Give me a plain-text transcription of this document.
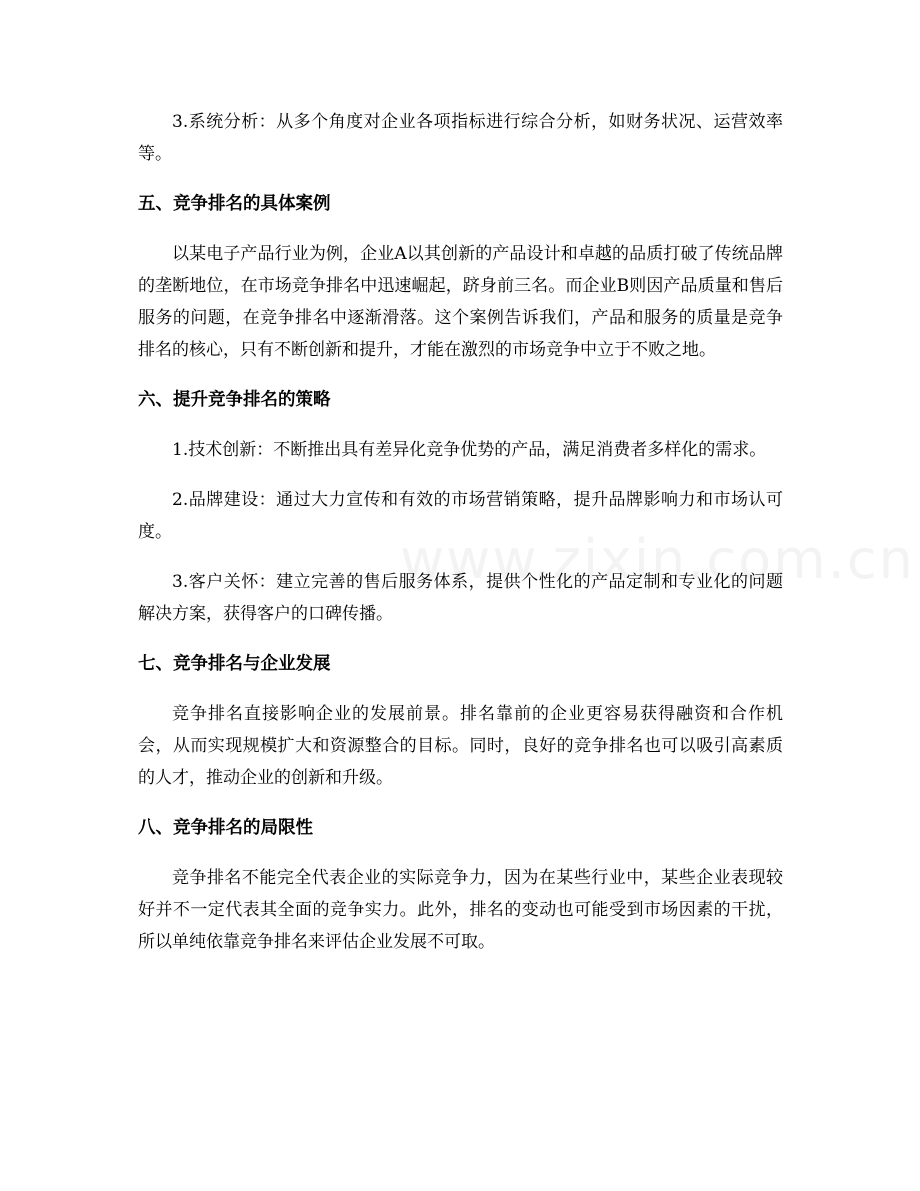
3.系统分析：从多个角度对企业各项指标进行综合分析，如财务状况、运营效率等。

五、竞争排名的具体案例

以某电子产品行业为例，企业A以其创新的产品设计和卓越的品质打破了传统品牌的垄断地位，在市场竞争排名中迅速崛起，跻身前三名。而企业B则因产品质量和售后服务的问题，在竞争排名中逐渐滑落。这个案例告诉我们，产品和服务的质量是竞争排名的核心，只有不断创新和提升，才能在激烈的市场竞争中立于不败之地。

六、提升竞争排名的策略

1.技术创新：不断推出具有差异化竞争优势的产品，满足消费者多样化的需求。

2.品牌建设：通过大力宣传和有效的市场营销策略，提升品牌影响力和市场认可度。

3.客户关怀：建立完善的售后服务体系，提供个性化的产品定制和专业化的问题解决方案，获得客户的口碑传播。

七、竞争排名与企业发展

竞争排名直接影响企业的发展前景。排名靠前的企业更容易获得融资和合作机会，从而实现规模扩大和资源整合的目标。同时，良好的竞争排名也可以吸引高素质的人才，推动企业的创新和升级。

八、竞争排名的局限性

竞争排名不能完全代表企业的实际竞争力，因为在某些行业中，某些企业表现较好并不一定代表其全面的竞争实力。此外，排名的变动也可能受到市场因素的干扰，所以单纯依靠竞争排名来评估企业发展不可取。
